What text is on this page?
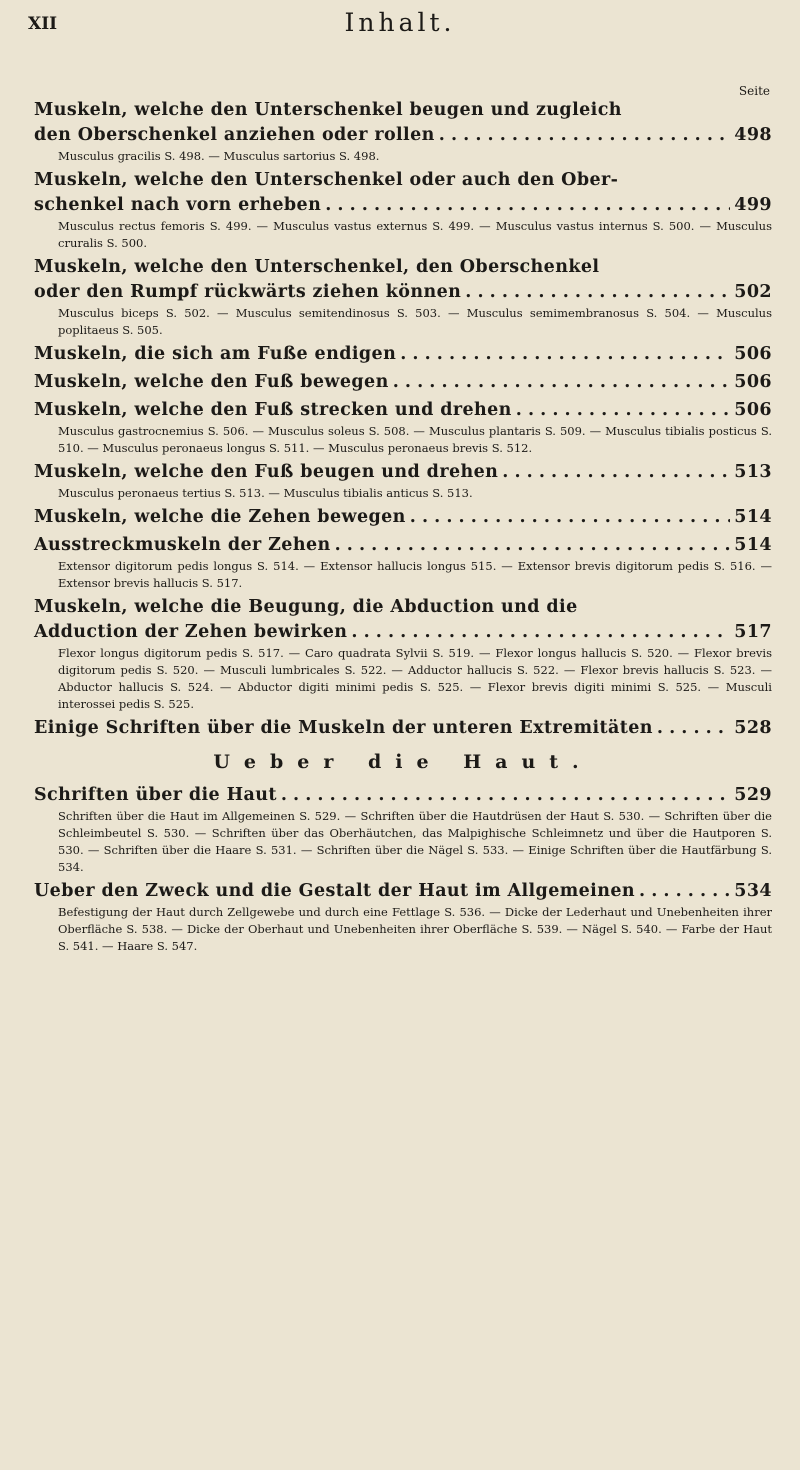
XII	Inhalt.
Seite
Muskeln, welche den Unterschenkel beugen und zugleich
den Oberschenkel anziehen oder rollen . . .	498
Musculus gracilis S. 498. — Musculus sartorius S. 498.
Muskeln, welche den Unterschenkel oder auch den Ober-
schenkel nach vorn erheben . . .	499
Musculus rectus femoris S. 499. — Musculus vastus externus S. 499. — Musculus vastus internus S. 500. — Musculus cruralis S. 500.
Muskeln, welche den Unterschenkel, den Oberschenkel
oder den Rumpf rückwärts ziehen können . . .	502
Musculus biceps S. 502. — Musculus semitendinosus S. 503. — Musculus semimembranosus S. 504. — Musculus poplitaeus S. 505.
Muskeln, die sich am Fuße endigen . . .	506
Muskeln, welche den Fuß bewegen . . .	506
Muskeln, welche den Fuß strecken und drehen . . .	506
Musculus gastrocnemius S. 506. — Musculus soleus S. 508. — Musculus plantaris S. 509. — Musculus tibialis posticus S. 510. — Musculus peronaeus longus S. 511. — Musculus peronaeus brevis S. 512.
Muskeln, welche den Fuß beugen und drehen . . .	513
Musculus peronaeus tertius S. 513. — Musculus tibialis anticus S. 513.
Muskeln, welche die Zehen bewegen . . .	514
Ausstreckmuskeln der Zehen . . .	514
Extensor digitorum pedis longus S. 514. — Extensor hallucis longus 515. — Extensor brevis digitorum pedis S. 516. — Extensor brevis hallucis S. 517.
Muskeln, welche die Beugung, die Abduction und die
Adduction der Zehen bewirken . . .	517
Flexor longus digitorum pedis S. 517. — Caro quadrata Sylvii S. 519. — Flexor longus hallucis S. 520. — Flexor brevis digitorum pedis S. 520. — Musculi lumbricales S. 522. — Adductor hallucis S. 522. — Flexor brevis hallucis S. 523. — Abductor hallucis S. 524. — Abductor digiti minimi pedis S. 525. — Flexor brevis digiti minimi S. 525. — Musculi interossei pedis S. 525.
Einige Schriften über die Muskeln der unteren Extremitäten . . .	528
Ueber die Haut.
Schriften über die Haut . . .	529
Schriften über die Haut im Allgemeinen S. 529. — Schriften über die Hautdrüsen der Haut S. 530. — Schriften über die Schleimbeutel S. 530. — Schriften über das Oberhäutchen, das Malpighische Schleimnetz und über die Hautporen S. 530. — Schriften über die Haare S. 531. — Schriften über die Nägel S. 533. — Einige Schriften über die Hautfärbung S. 534.
Ueber den Zweck und die Gestalt der Haut im Allgemeinen . . .	534
Befestigung der Haut durch Zellgewebe und durch eine Fettlage S. 536. — Dicke der Lederhaut und Unebenheiten ihrer Oberfläche S. 538. — Dicke der Oberhaut und Unebenheiten ihrer Oberfläche S. 539. — Nägel S. 540. — Farbe der Haut S. 541. — Haare S. 547.
